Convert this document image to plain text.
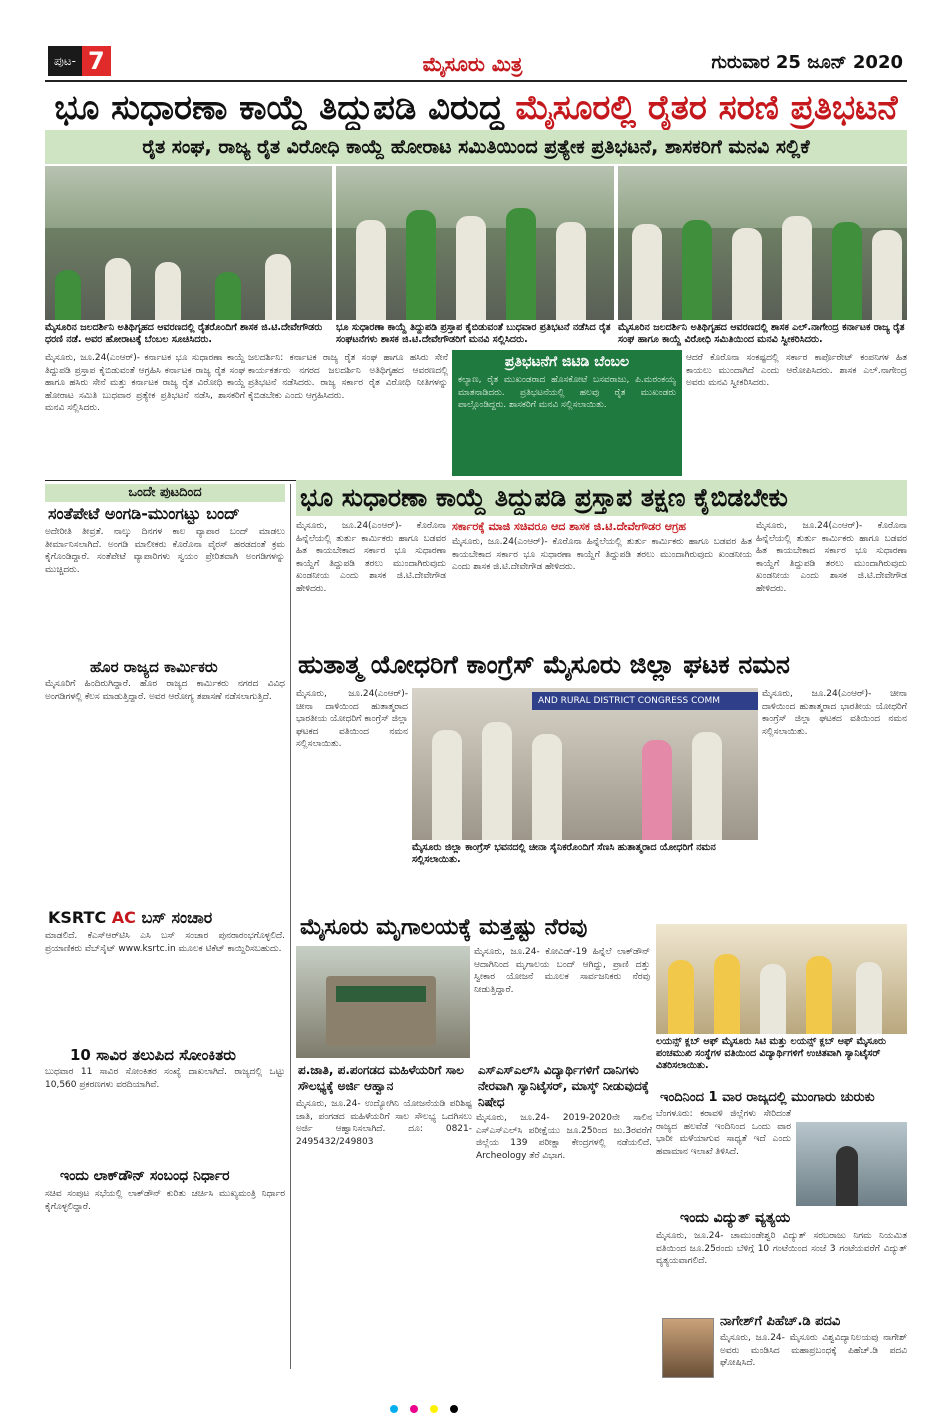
ಪುಟ- 7	ಮೈಸೂರು ಮಿತ್ರ	ಗುರುವಾರ 25 ಜೂನ್ 2020
ಭೂ ಸುಧಾರಣಾ ಕಾಯ್ದೆ ತಿದ್ದುಪಡಿ ವಿರುದ್ಧ ಮೈಸೂರಲ್ಲಿ ರೈತರ ಸರಣಿ ಪ್ರತಿಭಟನೆ
ರೈತ ಸಂಘ, ರಾಜ್ಯ ರೈತ ವಿರೋಧಿ ಕಾಯ್ದೆ ಹೋರಾಟ ಸಮಿತಿಯಿಂದ ಪ್ರತ್ಯೇಕ ಪ್ರತಿಭಟನೆ, ಶಾಸಕರಿಗೆ ಮನವಿ ಸಲ್ಲಿಕೆ
ಮೈಸೂರಿನ ಜಲದರ್ಶಿನಿ ಅತಿಥಿಗೃಹದ ಆವರಣದಲ್ಲಿ ರೈತರೊಂದಿಗೆ ಶಾಸಕ ಜಿ.ಟಿ.ದೇವೇಗೌಡರು ಧರಣಿ ನಡೆ. ಅವರ ಹೋರಾಟಕ್ಕೆ ಬೆಂಬಲ ಸೂಚಿಸಿದರು.
ಭೂ ಸುಧಾರಣಾ ಕಾಯ್ದೆ ತಿದ್ದುಪಡಿ ಪ್ರಸ್ತಾಪ ಕೈಬಿಡುವಂತೆ ಬುಧವಾರ ಪ್ರತಿಭಟನೆ ನಡೆಸಿದ ರೈತ ಸಂಘಟನೆಗಳು ಶಾಸಕ ಜಿ.ಟಿ.ದೇವೇಗೌಡರಿಗೆ ಮನವಿ ಸಲ್ಲಿಸಿದರು.
ಮೈಸೂರಿನ ಜಲದರ್ಶಿನಿ ಅತಿಥಿಗೃಹದ ಆವರಣದಲ್ಲಿ ಶಾಸಕ ಎಲ್.ನಾಗೇಂದ್ರ ಕರ್ನಾಟಕ ರಾಜ್ಯ ರೈತ ಸಂಘ ಹಾಗೂ ಕಾಯ್ದೆ ವಿರೋಧಿ ಸಮಿತಿಯಿಂದ ಮನವಿ ಸ್ವೀಕರಿಸಿದರು.
ಮೈಸೂರು, ಜೂ.24(ಎಂಆರ್)- ಕರ್ನಾಟಕ ಭೂ ಸುಧಾರಣಾ ಕಾಯ್ದೆ ತಿದ್ದುಪಡಿ ಪ್ರಸ್ತಾಪ ಕೈಬಿಡುವಂತೆ ಆಗ್ರಹಿಸಿ ಕರ್ನಾಟಕ ರಾಜ್ಯ ರೈತ ಸಂಘ ಹಾಗೂ ಹಸಿರು ಸೇನೆ ಮತ್ತು ಕರ್ನಾಟಕ ರಾಜ್ಯ ರೈತ ವಿರೋಧಿ ಕಾಯ್ದೆ ಹೋರಾಟ ಸಮಿತಿ ಬುಧವಾರ ಪ್ರತ್ಯೇಕ ಪ್ರತಿಭಟನೆ ನಡೆಸಿ, ಶಾಸಕರಿಗೆ ಮನವಿ ಸಲ್ಲಿಸಿದರು.
ಜಲದರ್ಶಿನಿ: ಕರ್ನಾಟಕ ರಾಜ್ಯ ರೈತ ಸಂಘ ಹಾಗೂ ಹಸಿರು ಸೇನೆ ಕಾರ್ಯಕರ್ತರು ನಗರದ ಜಲದರ್ಶಿನಿ ಅತಿಥಿಗೃಹದ ಆವರಣದಲ್ಲಿ ಪ್ರತಿಭಟನೆ ನಡೆಸಿದರು. ರಾಜ್ಯ ಸರ್ಕಾರ ರೈತ ವಿರೋಧಿ ನೀತಿಗಳನ್ನು ಕೈಬಿಡಬೇಕು ಎಂದು ಆಗ್ರಹಿಸಿದರು.
ಪ್ರತಿಭಟನೆಗೆ ಜಿಟಿಡಿ ಬೆಂಬಲ
ಕಲ್ಯಾಣ, ರೈತ ಮುಖಂಡರಾದ ಹೊಸಕೋಟೆ ಬಸವರಾಜು, ಪಿ.ಮರಂಕಯ್ಯ ಮಾತನಾಡಿದರು. ಪ್ರತಿಭಟನೆಯಲ್ಲಿ ಹಲವು ರೈತ ಮುಖಂಡರು ಪಾಲ್ಗೊಂಡಿದ್ದರು. ಶಾಸಕರಿಗೆ ಮನವಿ ಸಲ್ಲಿಸಲಾಯಿತು.
ಆದರೆ ಕೊರೊನಾ ಸಂಕಷ್ಟದಲ್ಲಿ ಸರ್ಕಾರ ಕಾರ್ಪೊರೇಟ್ ಕಂಪನಿಗಳ ಹಿತ ಕಾಯಲು ಮುಂದಾಗಿದೆ ಎಂದು ಆರೋಪಿಸಿದರು. ಶಾಸಕ ಎಲ್.ನಾಗೇಂದ್ರ ಅವರು ಮನವಿ ಸ್ವೀಕರಿಸಿದರು.
ಒಂದೇ ಪುಟದಿಂದ
ಸಂತೆಪೇಟೆ ಅಂಗಡಿ-ಮುಂಗಟ್ಟು ಬಂದ್
ಅದೇರೀತಿ ತೀವ್ರತೆ. ನಾಲ್ಕು ದಿನಗಳ ಕಾಲ ವ್ಯಾಪಾರ ಬಂದ್ ಮಾಡಲು ತೀರ್ಮಾನಿಸಲಾಗಿದೆ. ಅಂಗಡಿ ಮಾಲೀಕರು ಕೊರೊನಾ ವೈರಸ್ ಹರಡದಂತೆ ಕ್ರಮ ಕೈಗೊಂಡಿದ್ದಾರೆ. ಸಂತೆಪೇಟೆ ವ್ಯಾಪಾರಿಗಳು ಸ್ವಯಂ ಪ್ರೇರಿತವಾಗಿ ಅಂಗಡಿಗಳನ್ನು ಮುಚ್ಚಿದರು.
ಹೊರ ರಾಜ್ಯದ ಕಾರ್ಮಿಕರು
ಮೈಸೂರಿಗೆ ಹಿಂದಿರುಗಿದ್ದಾರೆ. ಹೊರ ರಾಜ್ಯದ ಕಾರ್ಮಿಕರು ನಗರದ ವಿವಿಧ ಅಂಗಡಿಗಳಲ್ಲಿ ಕೆಲಸ ಮಾಡುತ್ತಿದ್ದಾರೆ. ಅವರ ಆರೋಗ್ಯ ತಪಾಸಣೆ ನಡೆಸಲಾಗುತ್ತಿದೆ.
KSRTC AC ಬಸ್ ಸಂಚಾರ
ಮಾಡಲಿದೆ. ಕೆಎಸ್ಆರ್‌ಟಿಸಿ ಎಸಿ ಬಸ್ ಸಂಚಾರ ಪುನರಾರಂಭಗೊಳ್ಳಲಿದೆ. ಪ್ರಯಾಣಿಕರು ವೆಬ್‌ಸೈಟ್ www.ksrtc.in ಮೂಲಕ ಟಿಕೆಟ್ ಕಾಯ್ದಿರಿಸಬಹುದು.
10 ಸಾವಿರ ತಲುಪಿದ ಸೋಂಕಿತರು
ಬುಧವಾರ 11 ಸಾವಿರ ಸೋಂಕಿತರ ಸಂಖ್ಯೆ ದಾಖಲಾಗಿದೆ. ರಾಜ್ಯದಲ್ಲಿ ಒಟ್ಟು 10,560 ಪ್ರಕರಣಗಳು ವರದಿಯಾಗಿವೆ.
ಇಂದು ಲಾಕ್‌ಡೌನ್ ಸಂಬಂಧ ನಿರ್ಧಾರ
ಸಚಿವ ಸಂಪುಟ ಸಭೆಯಲ್ಲಿ ಲಾಕ್‌ಡೌನ್ ಕುರಿತು ಚರ್ಚಿಸಿ ಮುಖ್ಯಮಂತ್ರಿ ನಿರ್ಧಾರ ಕೈಗೊಳ್ಳಲಿದ್ದಾರೆ.
ಭೂ ಸುಧಾರಣಾ ಕಾಯ್ದೆ ತಿದ್ದುಪಡಿ ಪ್ರಸ್ತಾಪ ತಕ್ಷಣ ಕೈಬಿಡಬೇಕು
ಮೈಸೂರು, ಜೂ.24(ಎಂಆರ್)- ಕೊರೊನಾ ಹಿನ್ನೆಲೆಯಲ್ಲಿ ತುರ್ತು ಕಾರ್ಮಿಕರು ಹಾಗೂ ಬಡವರ ಹಿತ ಕಾಯಬೇಕಾದ ಸರ್ಕಾರ ಭೂ ಸುಧಾರಣಾ ಕಾಯ್ದೆಗೆ ತಿದ್ದುಪಡಿ ತರಲು ಮುಂದಾಗಿರುವುದು ಖಂಡನೀಯ ಎಂದು ಶಾಸಕ ಜಿ.ಟಿ.ದೇವೇಗೌಡ ಹೇಳಿದರು.
ಸರ್ಕಾರಕ್ಕೆ ಮಾಜಿ ಸಚಿವರೂ ಆದ ಶಾಸಕ ಜಿ.ಟಿ.ದೇವೇಗೌಡರ ಆಗ್ರಹ
ಮೈಸೂರು, ಜೂ.24(ಎಂಆರ್)- ಕೊರೊನಾ ಹಿನ್ನೆಲೆಯಲ್ಲಿ ತುರ್ತು ಕಾರ್ಮಿಕರು ಹಾಗೂ ಬಡವರ ಹಿತ ಕಾಯಬೇಕಾದ ಸರ್ಕಾರ ಭೂ ಸುಧಾರಣಾ ಕಾಯ್ದೆಗೆ ತಿದ್ದುಪಡಿ ತರಲು ಮುಂದಾಗಿರುವುದು ಖಂಡನೀಯ ಎಂದು ಶಾಸಕ ಜಿ.ಟಿ.ದೇವೇಗೌಡ ಹೇಳಿದರು.
ಮೈಸೂರು, ಜೂ.24(ಎಂಆರ್)- ಕೊರೊನಾ ಹಿನ್ನೆಲೆಯಲ್ಲಿ ತುರ್ತು ಕಾರ್ಮಿಕರು ಹಾಗೂ ಬಡವರ ಹಿತ ಕಾಯಬೇಕಾದ ಸರ್ಕಾರ ಭೂ ಸುಧಾರಣಾ ಕಾಯ್ದೆಗೆ ತಿದ್ದುಪಡಿ ತರಲು ಮುಂದಾಗಿರುವುದು ಖಂಡನೀಯ ಎಂದು ಶಾಸಕ ಜಿ.ಟಿ.ದೇವೇಗೌಡ ಹೇಳಿದರು.
ಹುತಾತ್ಮ ಯೋಧರಿಗೆ ಕಾಂಗ್ರೆಸ್ ಮೈಸೂರು ಜಿಲ್ಲಾ ಘಟಕ ನಮನ
ಮೈಸೂರು, ಜೂ.24(ಎಂಆರ್)- ಚೀನಾ ದಾಳಿಯಿಂದ ಹುತಾತ್ಮರಾದ ಭಾರತೀಯ ಯೋಧರಿಗೆ ಕಾಂಗ್ರೆಸ್ ಜಿಲ್ಲಾ ಘಟಕದ ವತಿಯಿಂದ ನಮನ ಸಲ್ಲಿಸಲಾಯಿತು.
AND RURAL DISTRICT CONGRESS COMM
ಮೈಸೂರು ಜಿಲ್ಲಾ ಕಾಂಗ್ರೆಸ್ ಭವನದಲ್ಲಿ ಚೀನಾ ಸೈನಿಕರೊಂದಿಗೆ ಸೆಣಸಿ ಹುತಾತ್ಮರಾದ ಯೋಧರಿಗೆ ನಮನ ಸಲ್ಲಿಸಲಾಯಿತು.
ಮೈಸೂರು, ಜೂ.24(ಎಂಆರ್)- ಚೀನಾ ದಾಳಿಯಿಂದ ಹುತಾತ್ಮರಾದ ಭಾರತೀಯ ಯೋಧರಿಗೆ ಕಾಂಗ್ರೆಸ್ ಜಿಲ್ಲಾ ಘಟಕದ ವತಿಯಿಂದ ನಮನ ಸಲ್ಲಿಸಲಾಯಿತು.
ಮೈಸೂರು ಮೃಗಾಲಯಕ್ಕೆ ಮತ್ತಷ್ಟು ನೆರವು
ಮೈಸೂರು, ಜೂ.24- ಕೋವಿಡ್-19 ಹಿನ್ನೆಲೆ ಲಾಕ್‌ಡೌನ್ ಆದಾಗಿನಿಂದ ಮೃಗಾಲಯ ಬಂದ್ ಆಗಿದ್ದು, ಪ್ರಾಣಿ ದತ್ತು ಸ್ವೀಕಾರ ಯೋಜನೆ ಮೂಲಕ ಸಾರ್ವಜನಿಕರು ನೆರವು ನೀಡುತ್ತಿದ್ದಾರೆ.
ಲಯನ್ಸ್ ಕ್ಲಬ್ ಆಫ್ ಮೈಸೂರು ಸಿಟಿ ಮತ್ತು ಲಯನ್ಸ್ ಕ್ಲಬ್ ಆಫ್ ಮೈಸೂರು ಪಂಚಮುಖಿ ಸಂಸ್ಥೆಗಳ ವತಿಯಿಂದ ವಿದ್ಯಾರ್ಥಿಗಳಿಗೆ ಉಚಿತವಾಗಿ ಸ್ಯಾನಿಟೈಸರ್ ವಿತರಿಸಲಾಯಿತು.
ಇಂದಿನಿಂದ 1 ವಾರ ರಾಜ್ಯದಲ್ಲಿ ಮುಂಗಾರು ಚುರುಕು
ಬೆಂಗಳೂರು: ಕರಾವಳಿ ಜಿಲ್ಲೆಗಳು ಸೇರಿದಂತೆ ರಾಜ್ಯದ ಹಲವೆಡೆ ಇಂದಿನಿಂದ ಒಂದು ವಾರ ಭಾರೀ ಮಳೆಯಾಗುವ ಸಾಧ್ಯತೆ ಇದೆ ಎಂದು ಹವಾಮಾನ ಇಲಾಖೆ ತಿಳಿಸಿದೆ.
ಪ.ಜಾತಿ, ಪ.ಪಂಗಡದ ಮಹಿಳೆಯರಿಗೆ ಸಾಲ ಸೌಲಭ್ಯಕ್ಕೆ ಅರ್ಜಿ ಆಹ್ವಾನ
ಮೈಸೂರು, ಜೂ.24- ಉದ್ಯೋಗಿನಿ ಯೋಜನೆಯಡಿ ಪರಿಶಿಷ್ಟ ಜಾತಿ, ಪಂಗಡದ ಮಹಿಳೆಯರಿಗೆ ಸಾಲ ಸೌಲಭ್ಯ ಒದಗಿಸಲು ಅರ್ಜಿ ಆಹ್ವಾನಿಸಲಾಗಿದೆ. ದೂ: 0821-2495432/249803
ಎಸ್ಎಸ್ಎಲ್‌ಸಿ ವಿದ್ಯಾರ್ಥಿಗಳಿಗೆ ದಾನಿಗಳು ನೇರವಾಗಿ ಸ್ಯಾನಿಟೈಸರ್, ಮಾಸ್ಕ್ ನೀಡುವುದಕ್ಕೆ ನಿಷೇಧ
ಮೈಸೂರು, ಜೂ.24- 2019-2020ನೇ ಸಾಲಿನ ಎಸ್ಎಸ್ಎಲ್‌ಸಿ ಪರೀಕ್ಷೆಯು ಜೂ.25ರಿಂದ ಜು.3ರವರೆಗೆ ಜಿಲ್ಲೆಯ 139 ಪರೀಕ್ಷಾ ಕೇಂದ್ರಗಳಲ್ಲಿ ನಡೆಯಲಿದೆ. Archeology ತೆರೆ ವಿಭಾಗ.
ಇಂದು ವಿದ್ಯುತ್ ವ್ಯತ್ಯಯ
ಮೈಸೂರು, ಜೂ.24- ಚಾಮುಂಡೇಶ್ವರಿ ವಿದ್ಯುತ್ ಸರಬರಾಜು ನಿಗಮ ನಿಯಮಿತ ವತಿಯಿಂದ ಜೂ.25ರಂದು ಬೆಳಿಗ್ಗೆ 10 ಗಂಟೆಯಿಂದ ಸಂಜೆ 3 ಗಂಟೆಯವರೆಗೆ ವಿದ್ಯುತ್ ವ್ಯತ್ಯಯವಾಗಲಿದೆ.
ನಾಗೇಶ್‌ಗೆ ಪಿಹೆಚ್.ಡಿ ಪದವಿ
ಮೈಸೂರು, ಜೂ.24- ಮೈಸೂರು ವಿಶ್ವವಿದ್ಯಾನಿಲಯವು ನಾಗೇಶ್ ಅವರು ಮಂಡಿಸಿದ ಮಹಾಪ್ರಬಂಧಕ್ಕೆ ಪಿಹೆಚ್.ಡಿ ಪದವಿ ಘೋಷಿಸಿದೆ.
